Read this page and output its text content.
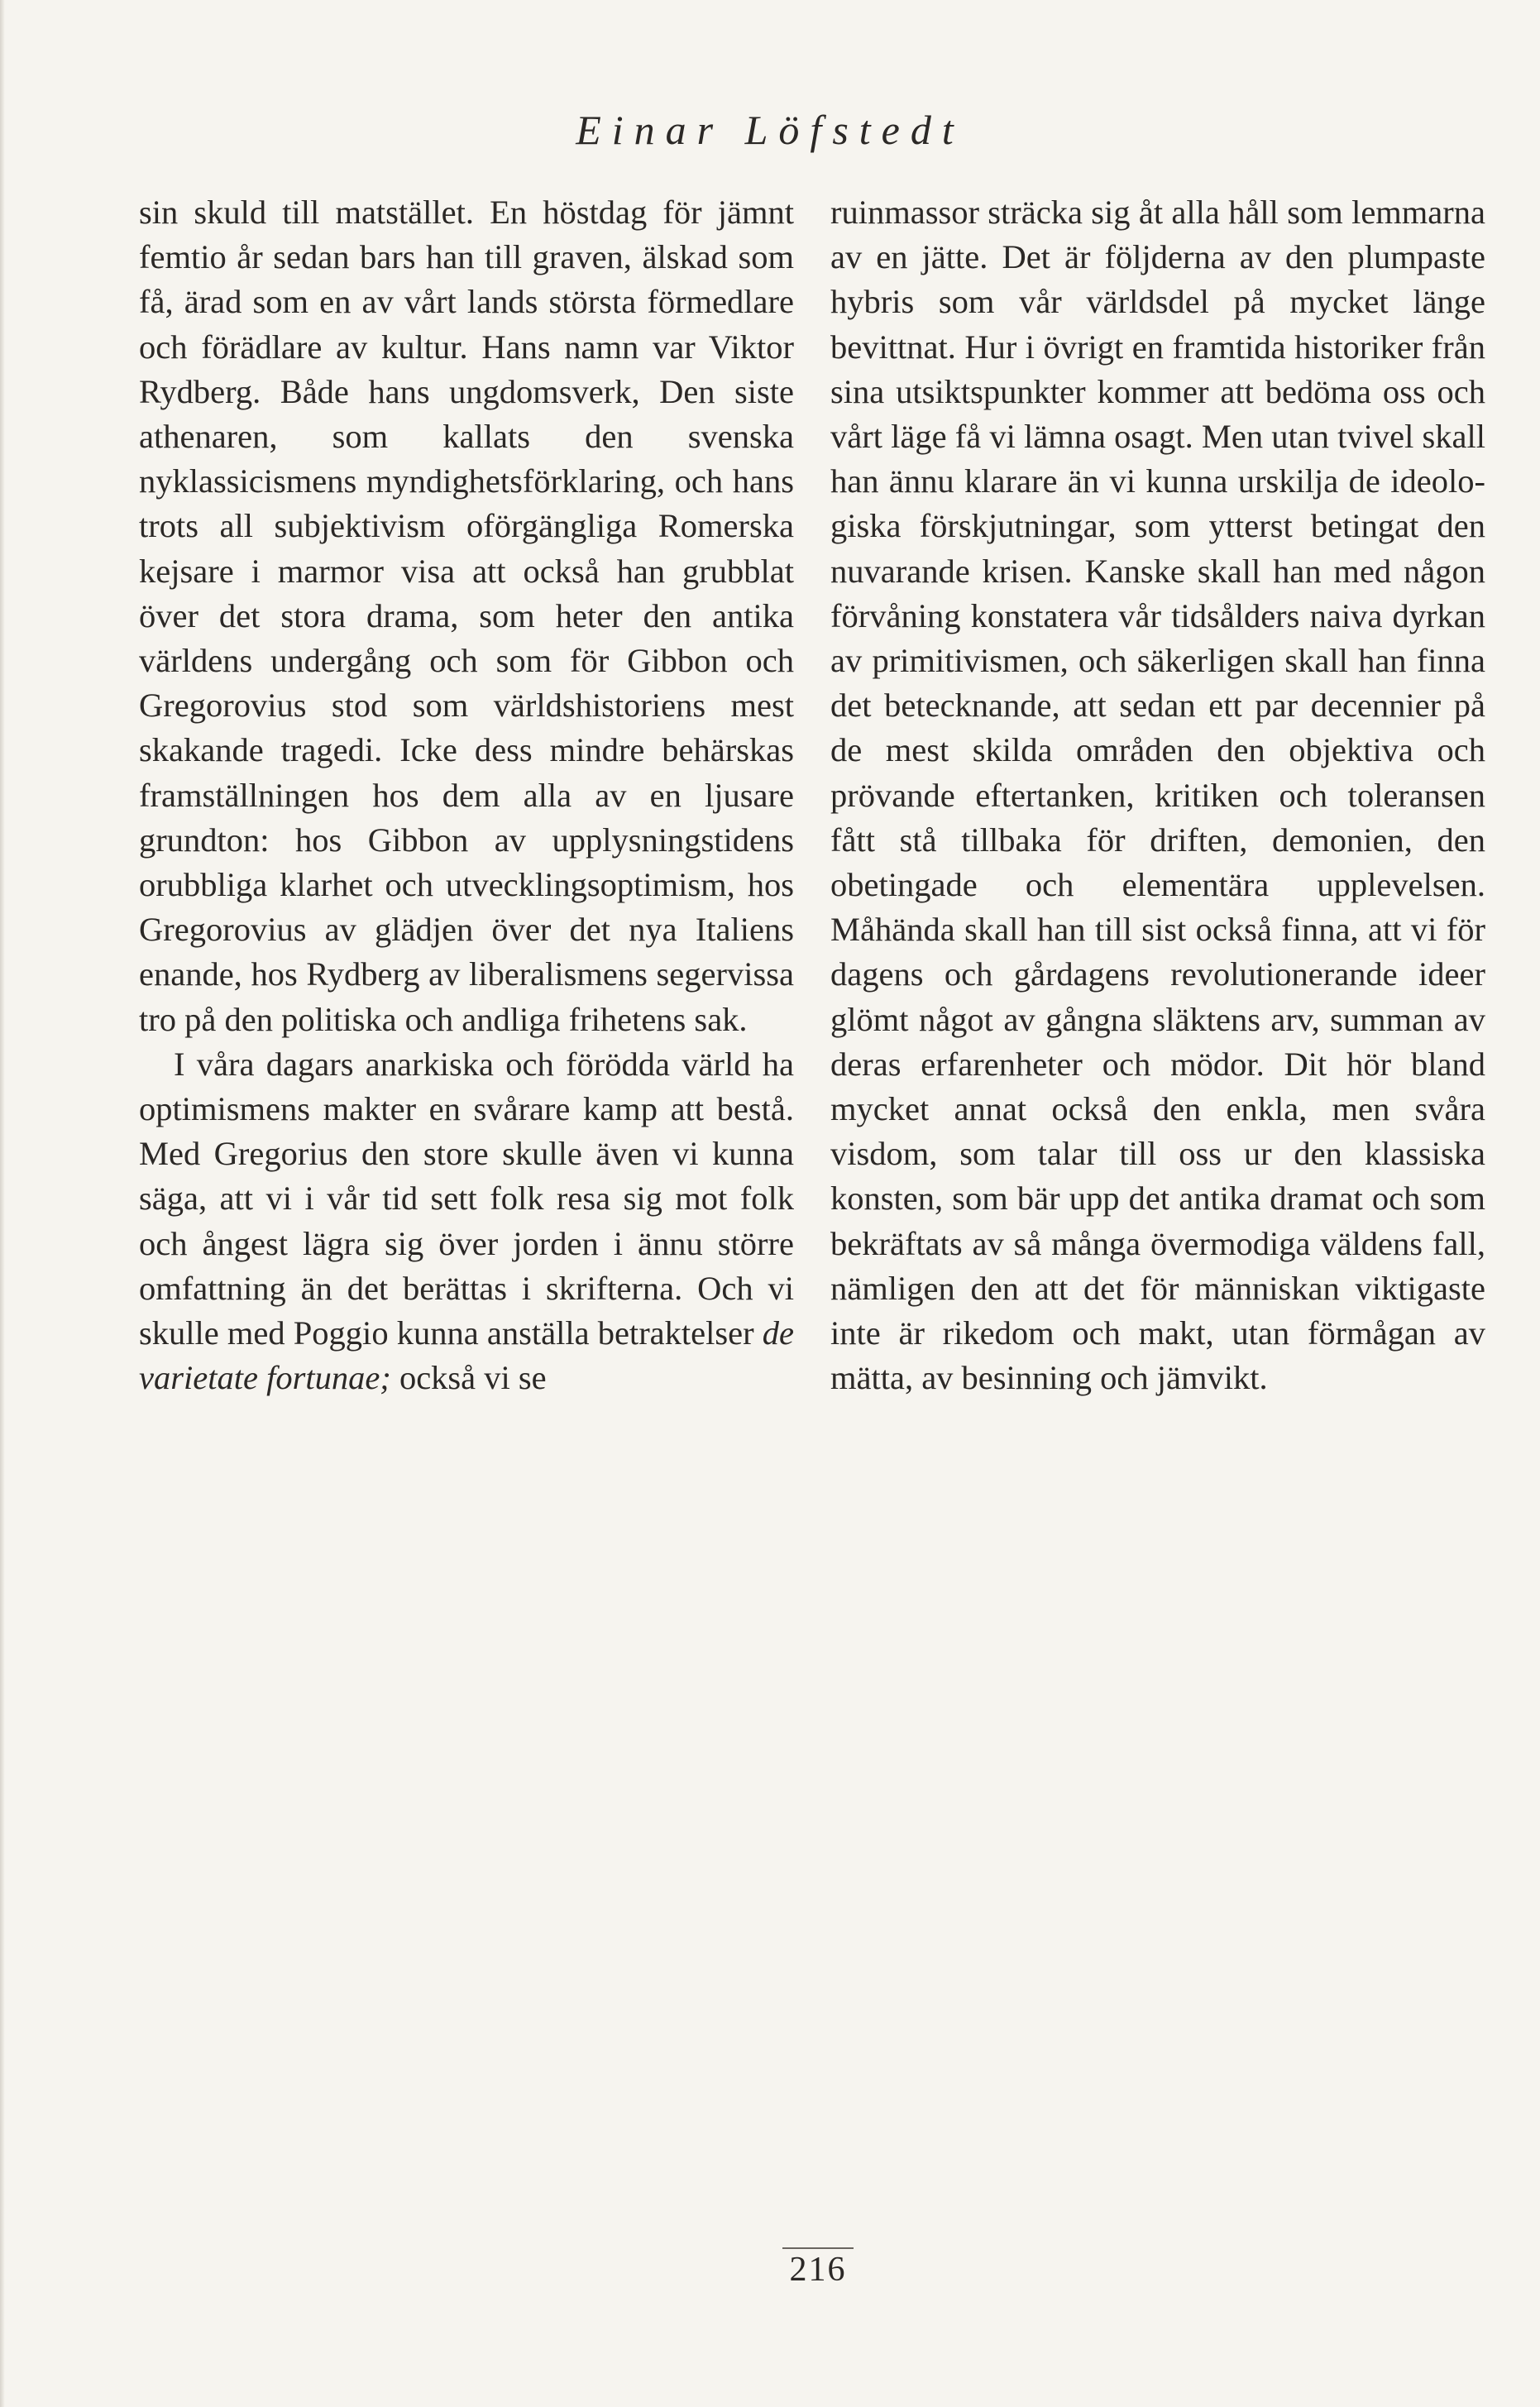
Einar Löfstedt

sin skuld till matstället. En höstdag för jämnt femtio år sedan bars han till graven, älskad som få, ärad som en av vårt lands största förmedlare och förädlare av kultur. Hans namn var Viktor Rydberg. Både hans ungdomsverk, Den siste athenaren, som kallats den svenska nyklassicismens myndighetsförklaring, och hans trots all subjektivism oförgängliga Romerska kejsare i marmor visa att också han grubblat över det stora drama, som heter den antika världens undergång och som för Gibbon och Gregorovius stod som världshistoriens mest skakande tragedi. Icke dess mindre behärskas framställningen hos dem alla av en ljusare grundton: hos Gibbon av upplysningstidens orubbliga klarhet och utvecklingsoptimism, hos Gregorovius av glädjen över det nya Italiens enande, hos Rydberg av liberalismens segervissa tro på den politiska och andliga frihetens sak.

I våra dagars anarkiska och förödda värld ha optimismens makter en svårare kamp att bestå. Med Gregorius den store skulle även vi kunna säga, att vi i vår tid sett folk resa sig mot folk och ångest lägra sig över jorden i ännu större omfattning än det berättas i skrifterna. Och vi skulle med Poggio kunna anställa betraktelser de varietate fortunae; också vi se

ruinmassor sträcka sig åt alla håll som lemmarna av en jätte. Det är följderna av den plumpaste hybris som vår världsdel på mycket länge bevittnat. Hur i övrigt en framtida historiker från sina utsiktspunkter kommer att bedöma oss och vårt läge få vi lämna osagt. Men utan tvivel skall han ännu klarare än vi kunna urskilja de ideologiska förskjutningar, som ytterst betingat den nuvarande krisen. Kanske skall han med någon förvåning konstatera vår tidsålders naiva dyrkan av primitivismen, och säkerligen skall han finna det betecknande, att sedan ett par decennier på de mest skilda områden den objektiva och prövande eftertanken, kritiken och toleransen fått stå tillbaka för driften, demonien, den obetingade och elementära upplevelsen. Måhända skall han till sist också finna, att vi för dagens och gårdagens revolutionerande ideer glömt något av gångna släktens arv, summan av deras erfarenheter och mödor. Dit hör bland mycket annat också den enkla, men svåra visdom, som talar till oss ur den klassiska konsten, som bär upp det antika dramat och som bekräftats av så många övermodiga väldens fall, nämligen den att det för människan viktigaste inte är rikedom och makt, utan förmågan av mätta, av besinning och jämvikt.

216
